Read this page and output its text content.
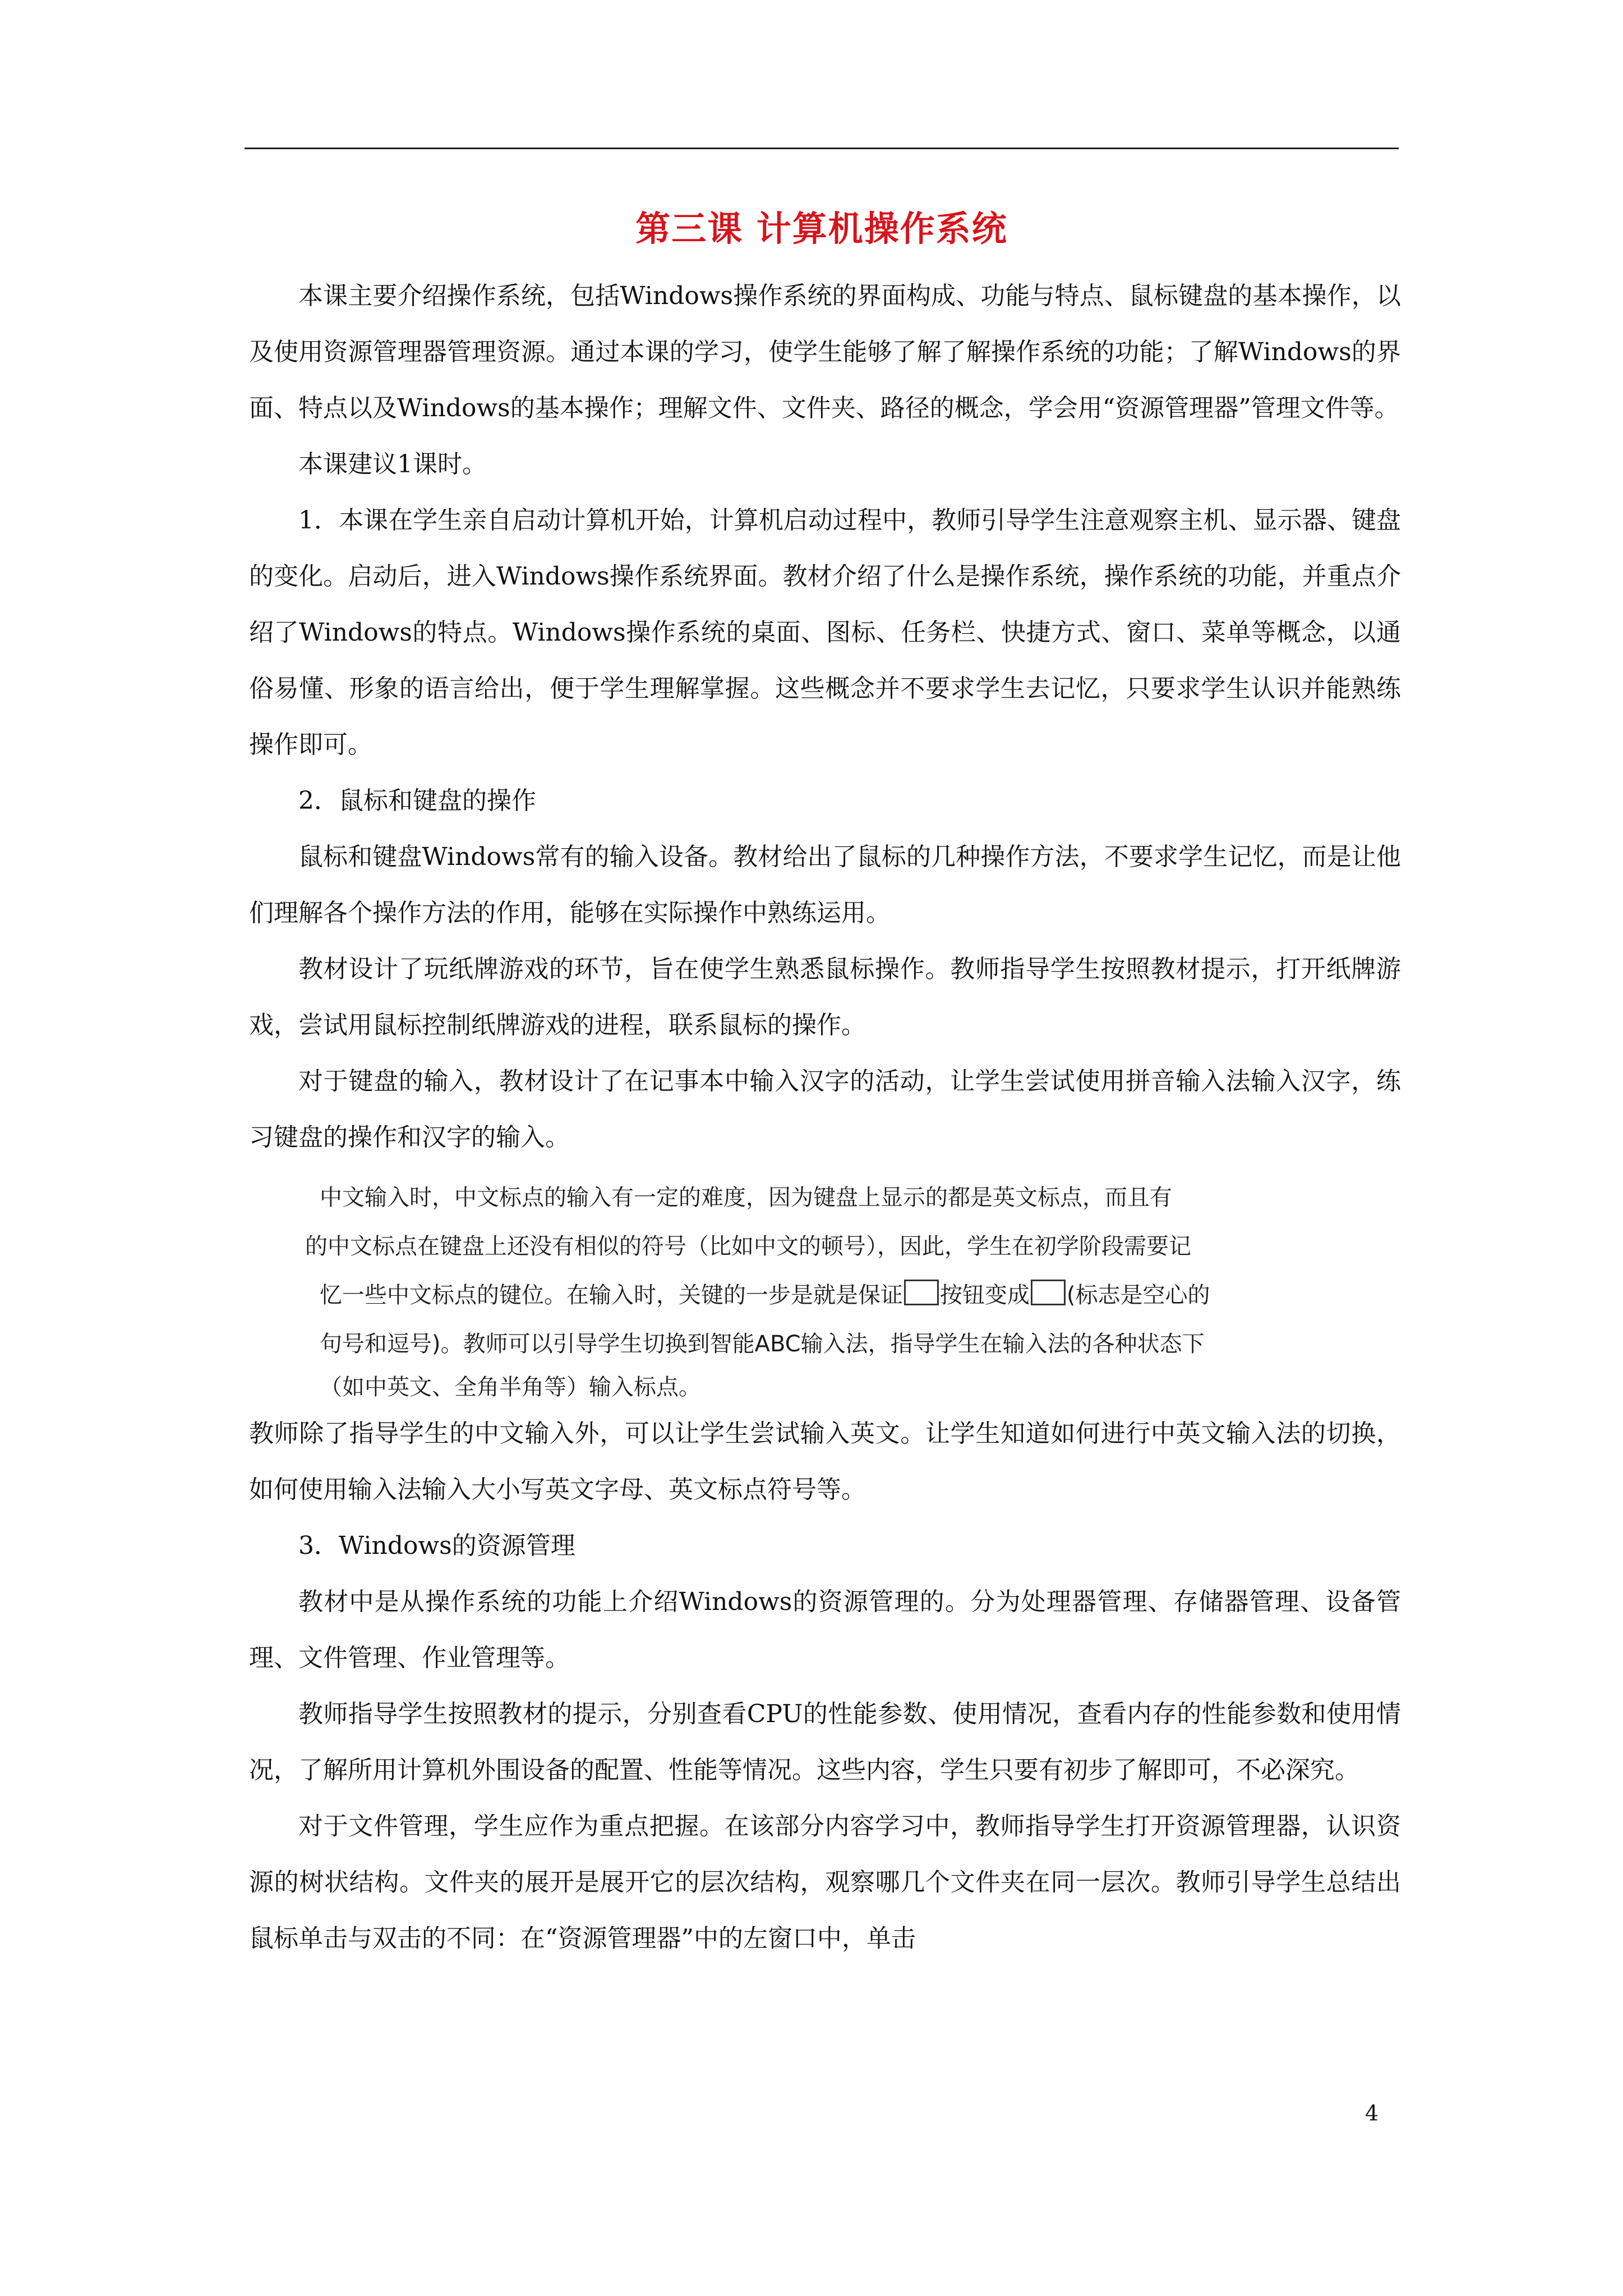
第三课 计算机操作系统

本课主要介绍操作系统，包括Windows操作系统的界面构成、功能与特点、鼠标键盘的基本操作，以及使用资源管理器管理资源。通过本课的学习，使学生能够了解了解操作系统的功能；了解Windows的界面、特点以及Windows的基本操作；理解文件、文件夹、路径的概念，学会用“资源管理器”管理文件等。

本课建议1课时。

1．本课在学生亲自启动计算机开始，计算机启动过程中，教师引导学生注意观察主机、显示器、键盘的变化。启动后，进入Windows操作系统界面。教材介绍了什么是操作系统，操作系统的功能，并重点介绍了Windows的特点。Windows操作系统的桌面、图标、任务栏、快捷方式、窗口、菜单等概念，以通俗易懂、形象的语言给出，便于学生理解掌握。这些概念并不要求学生去记忆，只要求学生认识并能熟练操作即可。

2．鼠标和键盘的操作

鼠标和键盘Windows常有的输入设备。教材给出了鼠标的几种操作方法，不要求学生记忆，而是让他们理解各个操作方法的作用，能够在实际操作中熟练运用。

教材设计了玩纸牌游戏的环节，旨在使学生熟悉鼠标操作。教师指导学生按照教材提示，打开纸牌游戏，尝试用鼠标控制纸牌游戏的进程，联系鼠标的操作。

对于键盘的输入，教材设计了在记事本中输入汉字的活动，让学生尝试使用拼音输入法输入汉字，练习键盘的操作和汉字的输入。

中文输入时，中文标点的输入有一定的难度，因为键盘上显示的都是英文标点，而且有
的中文标点在键盘上还没有相似的符号（比如中文的顿号），因此，学生在初学阶段需要记
忆一些中文标点的键位。在输入时，关键的一步是就是保证 按钮变成 (标志是空心的
句号和逗号)。教师可以引导学生切换到智能ABC输入法，指导学生在输入法的各种状态下
（如中英文、全角半角等）输入标点。

教师除了指导学生的中文输入外，可以让学生尝试输入英文。让学生知道如何进行中英文输入法的切换，如何使用输入法输入大小写英文字母、英文标点符号等。

3．Windows的资源管理

教材中是从操作系统的功能上介绍Windows的资源管理的。分为处理器管理、存储器管理、设备管理、文件管理、作业管理等。

教师指导学生按照教材的提示，分别查看CPU的性能参数、使用情况，查看内存的性能参数和使用情况，了解所用计算机外围设备的配置、性能等情况。这些内容，学生只要有初步了解即可，不必深究。

对于文件管理，学生应作为重点把握。在该部分内容学习中，教师指导学生打开资源管理器，认识资源的树状结构。文件夹的展开是展开它的层次结构，观察哪几个文件夹在同一层次。教师引导学生总结出鼠标单击与双击的不同：在“资源管理器”中的左窗口中，单击

4
